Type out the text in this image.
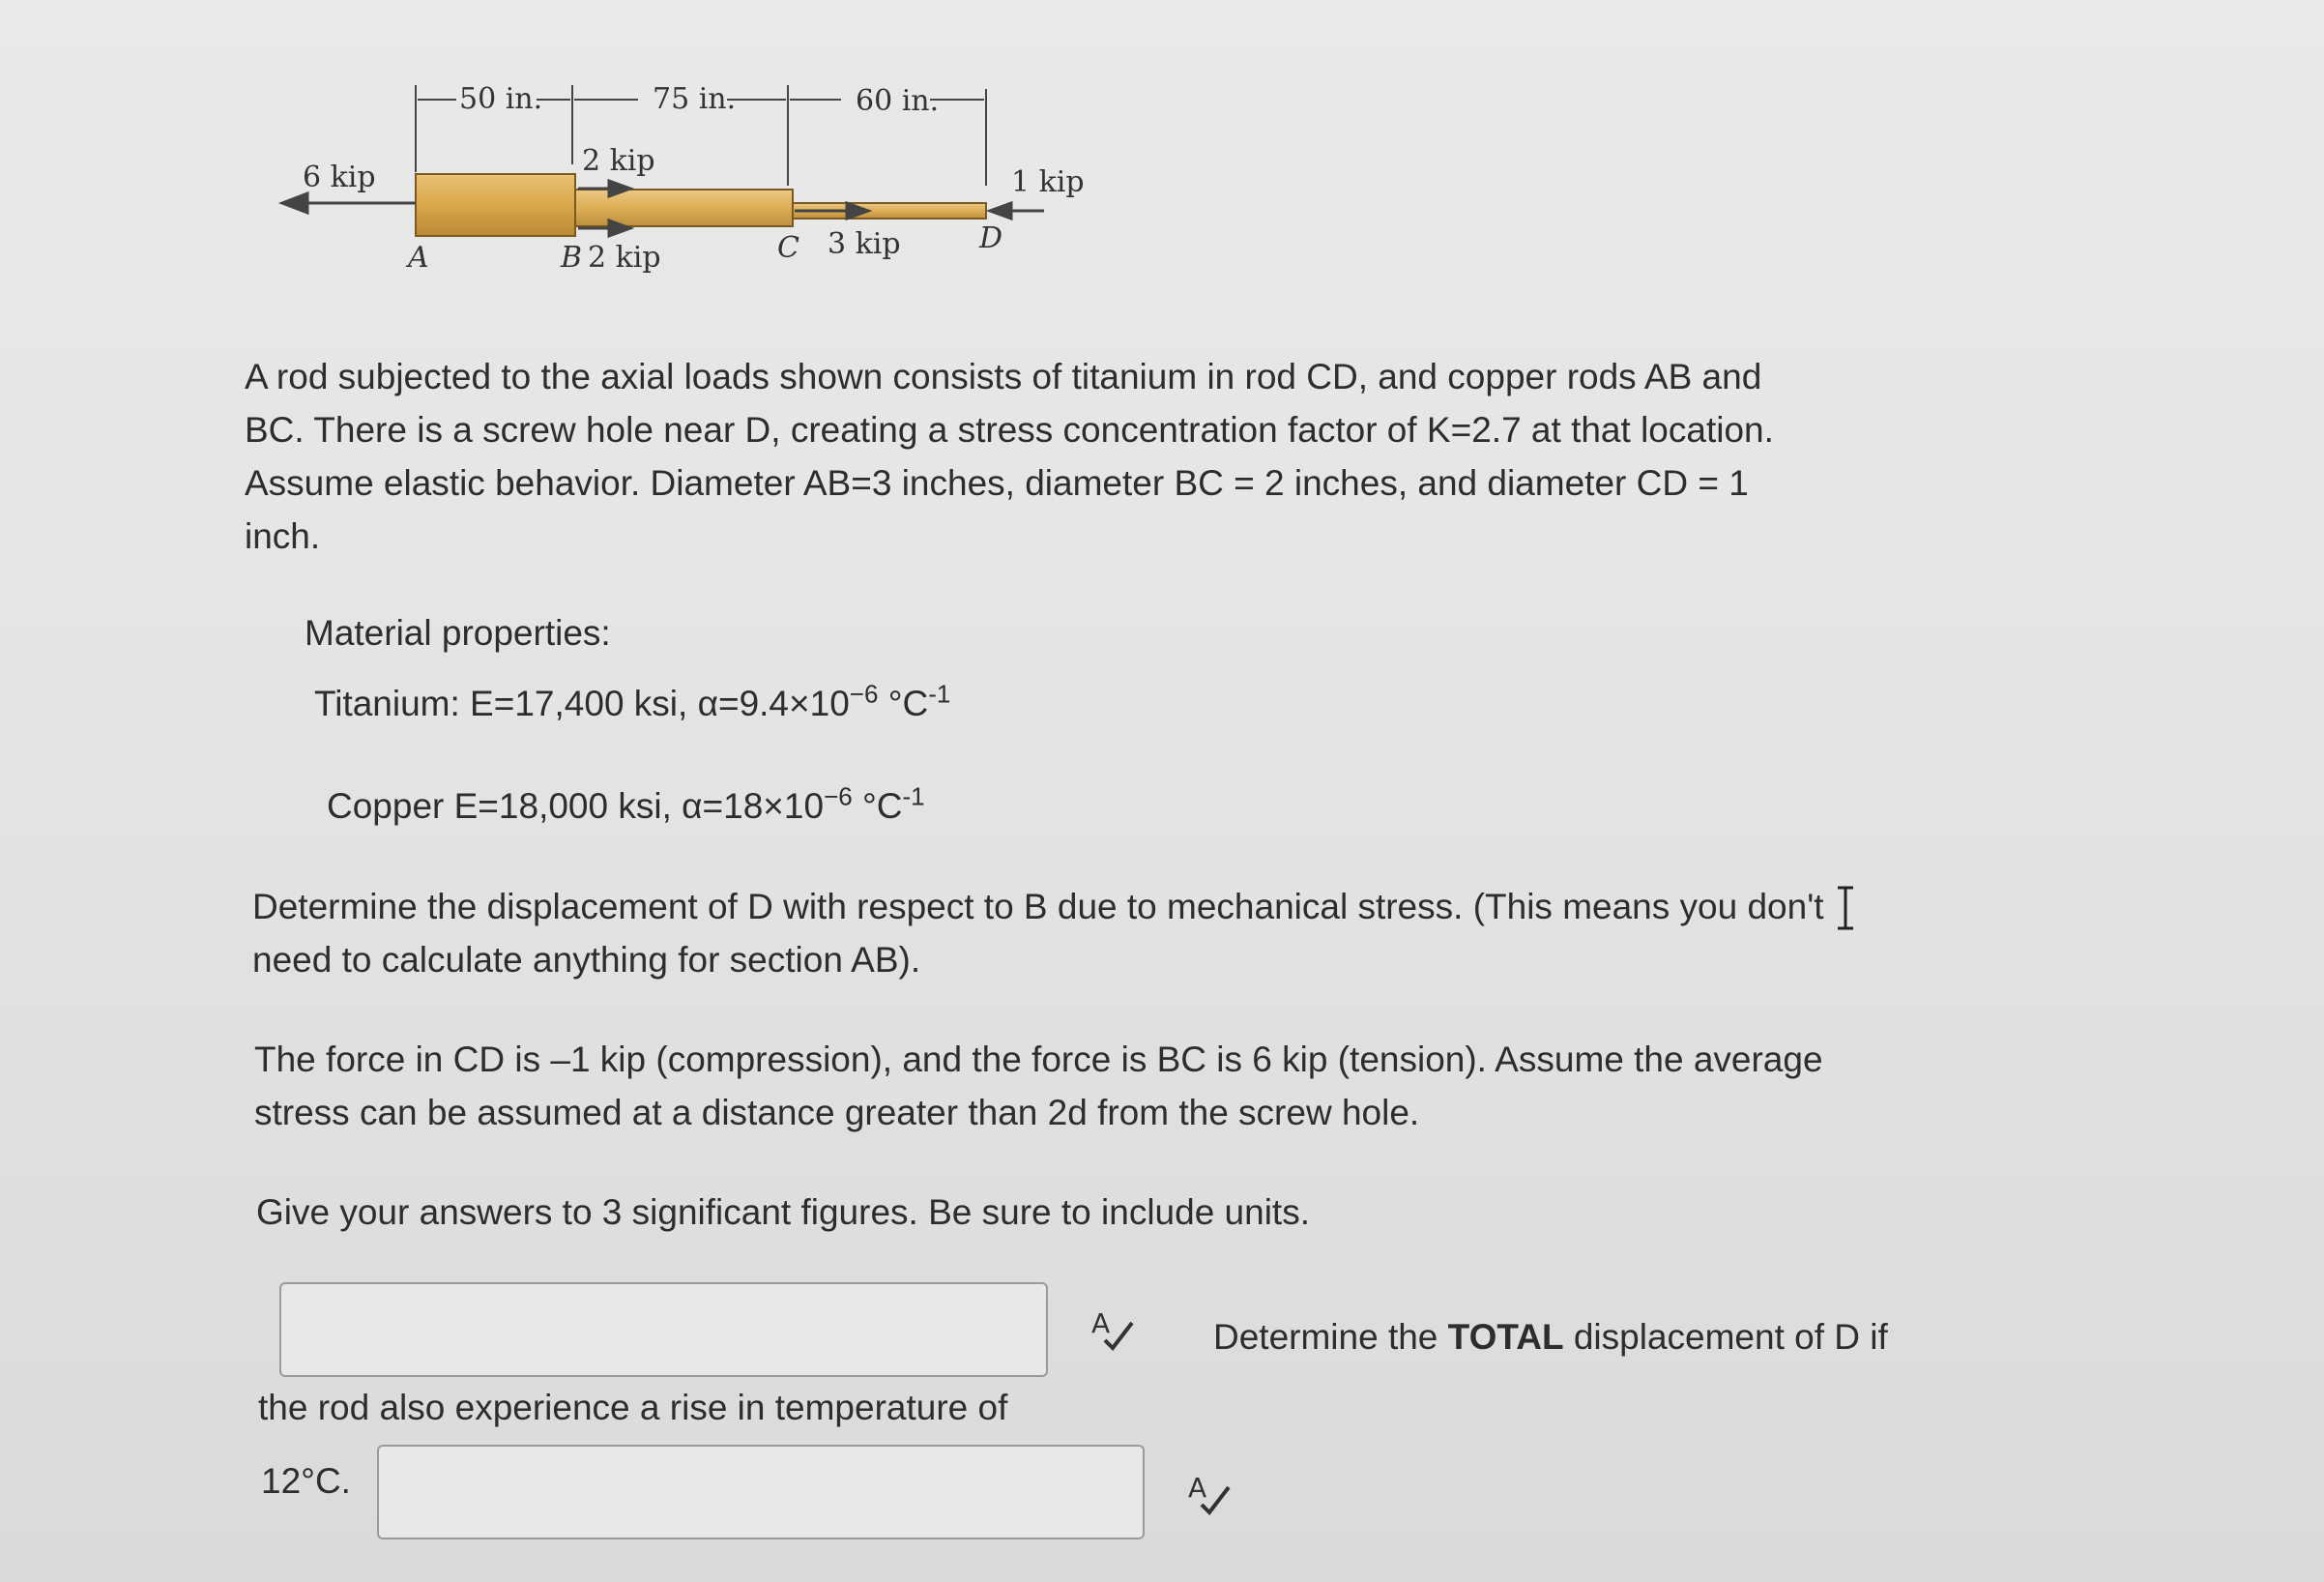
50 in.	75 in.	60 in.
6 kip	2 kip
1 kip
A	B 2 kip	C 3 kip	D
A rod subjected to the axial loads shown consists of titanium in rod CD, and copper rods AB and
BC. There is a screw hole near D, creating a stress concentration factor of K=2.7 at that location.
Assume elastic behavior. Diameter AB=3 inches, diameter BC = 2 inches, and diameter CD = 1
inch.
Material properties:
Titanium: E=17,400 ksi, $\alpha=9.4\times 10^{-6}$ $^\circ C^{-1}$
Copper E=18,000 ksi, $\alpha=18\times 10^{-6}$ $^\circ C^{-1}$
Determine the displacement of D with respect to B due to mechanical stress. (This means you don't
need to calculate anything for section AB).
The force in CD is –1 kip (compression), and the force is BC is 6 kip (tension). Assume the average
stress can be assumed at a distance greater than 2d from the screw hole.
Give your answers to 3 significant figures. Be sure to include units.
A	Determine the TOTAL displacement of D if
the rod also experience a rise in temperature of
12°C.	A
